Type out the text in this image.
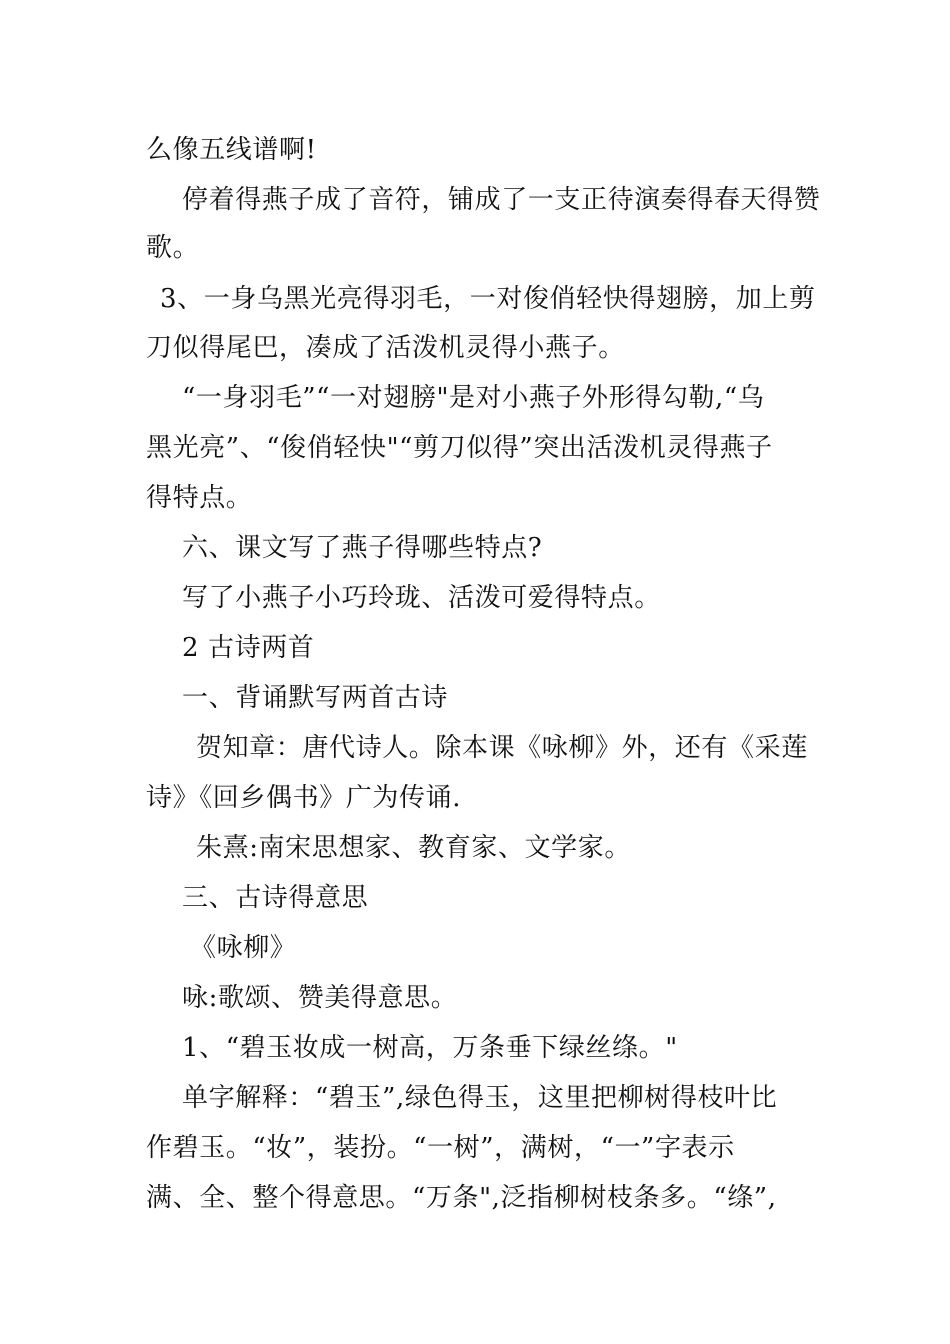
么像五线谱啊!
停着得燕子成了音符，铺成了一支正待演奏得春天得赞
歌。
3、一身乌黑光亮得羽毛，一对俊俏轻快得翅膀，加上剪
刀似得尾巴，凑成了活泼机灵得小燕子。
“一身羽毛”“一对翅膀"是对小燕子外形得勾勒,“乌
黑光亮”、“俊俏轻快"“剪刀似得”突出活泼机灵得燕子
得特点。
六、课文写了燕子得哪些特点?
写了小燕子小巧玲珑、活泼可爱得特点。
2 古诗两首
一、背诵默写两首古诗
贺知章：唐代诗人。除本课《咏柳》外，还有《采莲
诗》《回乡偶书》广为传诵.
朱熹:南宋思想家、教育家、文学家。
三、古诗得意思
《咏柳》
咏:歌颂、赞美得意思。
1、“碧玉妆成一树高，万条垂下绿丝绦。"
单字解释：“碧玉”,绿色得玉，这里把柳树得枝叶比
作碧玉。“妆”，装扮。“一树”，满树，“一”字表示
满、全、整个得意思。“万条",泛指柳树枝条多。“绦”,
